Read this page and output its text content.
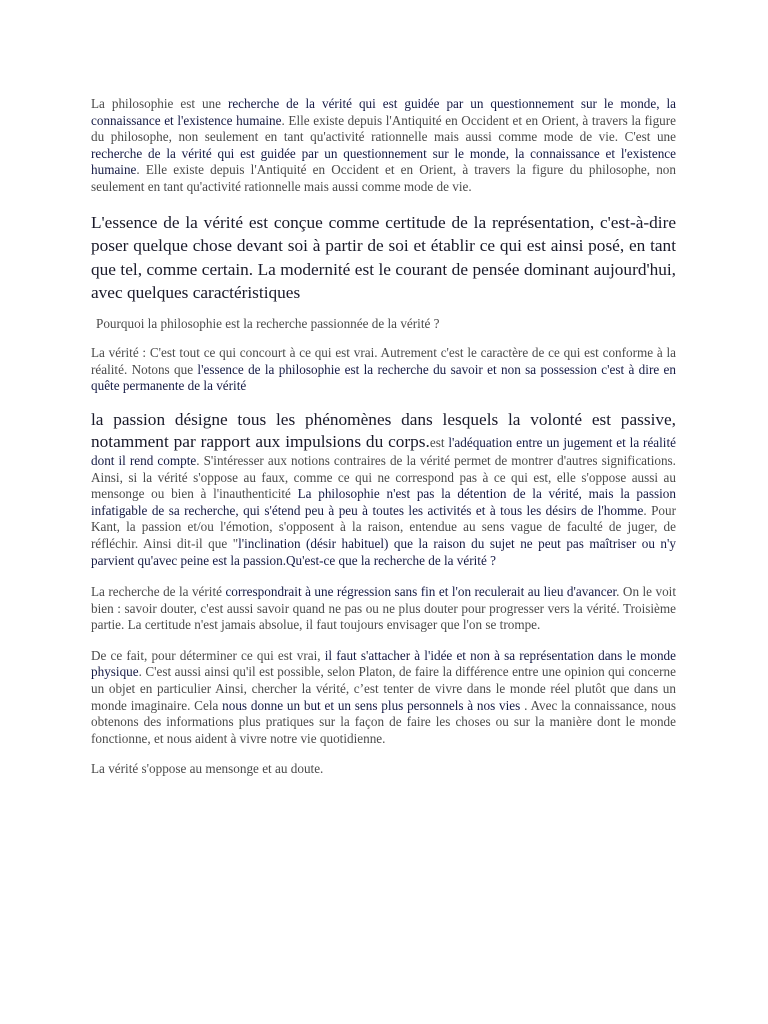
La philosophie est une recherche de la vérité qui est guidée par un questionnement sur le monde, la connaissance et l'existence humaine. Elle existe depuis l'Antiquité en Occident et en Orient, à travers la figure du philosophe, non seulement en tant qu'activité rationnelle mais aussi comme mode de vie. C'est une recherche de la vérité qui est guidée par un questionnement sur le monde, la connaissance et l'existence humaine. Elle existe depuis l'Antiquité en Occident et en Orient, à travers la figure du philosophe, non seulement en tant qu'activité rationnelle mais aussi comme mode de vie.

L'essence de la vérité est conçue comme certitude de la représentation, c'est-à-dire poser quelque chose devant soi à partir de soi et établir ce qui est ainsi posé, en tant que tel, comme certain. La modernité est le courant de pensée dominant aujourd'hui, avec quelques caractéristiques

Pourquoi la philosophie est la recherche passionnée de la vérité ?

La vérité : C'est tout ce qui concourt à ce qui est vrai. Autrement c'est le caractère de ce qui est conforme à la réalité. Notons que l'essence de la philosophie est la recherche du savoir et non sa possession c'est à dire en quête permanente de la vérité

la passion désigne tous les phénomènes dans lesquels la volonté est passive, notamment par rapport aux impulsions du corps.est l'adéquation entre un jugement et la réalité dont il rend compte. S'intéresser aux notions contraires de la vérité permet de montrer d'autres significations. Ainsi, si la vérité s'oppose au faux, comme ce qui ne correspond pas à ce qui est, elle s'oppose aussi au mensonge ou bien à l'inauthenticité La philosophie n'est pas la détention de la vérité, mais la passion infatigable de sa recherche, qui s'étend peu à peu à toutes les activités et à tous les désirs de l'homme. Pour Kant, la passion et/ou l'émotion, s'opposent à la raison, entendue au sens vague de faculté de juger, de réfléchir. Ainsi dit-il que "l'inclination (désir habituel) que la raison du sujet ne peut pas maîtriser ou n'y parvient qu'avec peine est la passion.Qu'est-ce que la recherche de la vérité ?

La recherche de la vérité correspondrait à une régression sans fin et l'on reculerait au lieu d'avancer. On le voit bien : savoir douter, c'est aussi savoir quand ne pas ou ne plus douter pour progresser vers la vérité. Troisième partie. La certitude n'est jamais absolue, il faut toujours envisager que l'on se trompe.

De ce fait, pour déterminer ce qui est vrai, il faut s'attacher à l'idée et non à sa représentation dans le monde physique. C'est aussi ainsi qu'il est possible, selon Platon, de faire la différence entre une opinion qui concerne un objet en particulier Ainsi, chercher la vérité, c’est tenter de vivre dans le monde réel plutôt que dans un monde imaginaire. Cela nous donne un but et un sens plus personnels à nos vies . Avec la connaissance, nous obtenons des informations plus pratiques sur la façon de faire les choses ou sur la manière dont le monde fonctionne, et nous aident à vivre notre vie quotidienne.

La vérité s'oppose au mensonge et au doute.
